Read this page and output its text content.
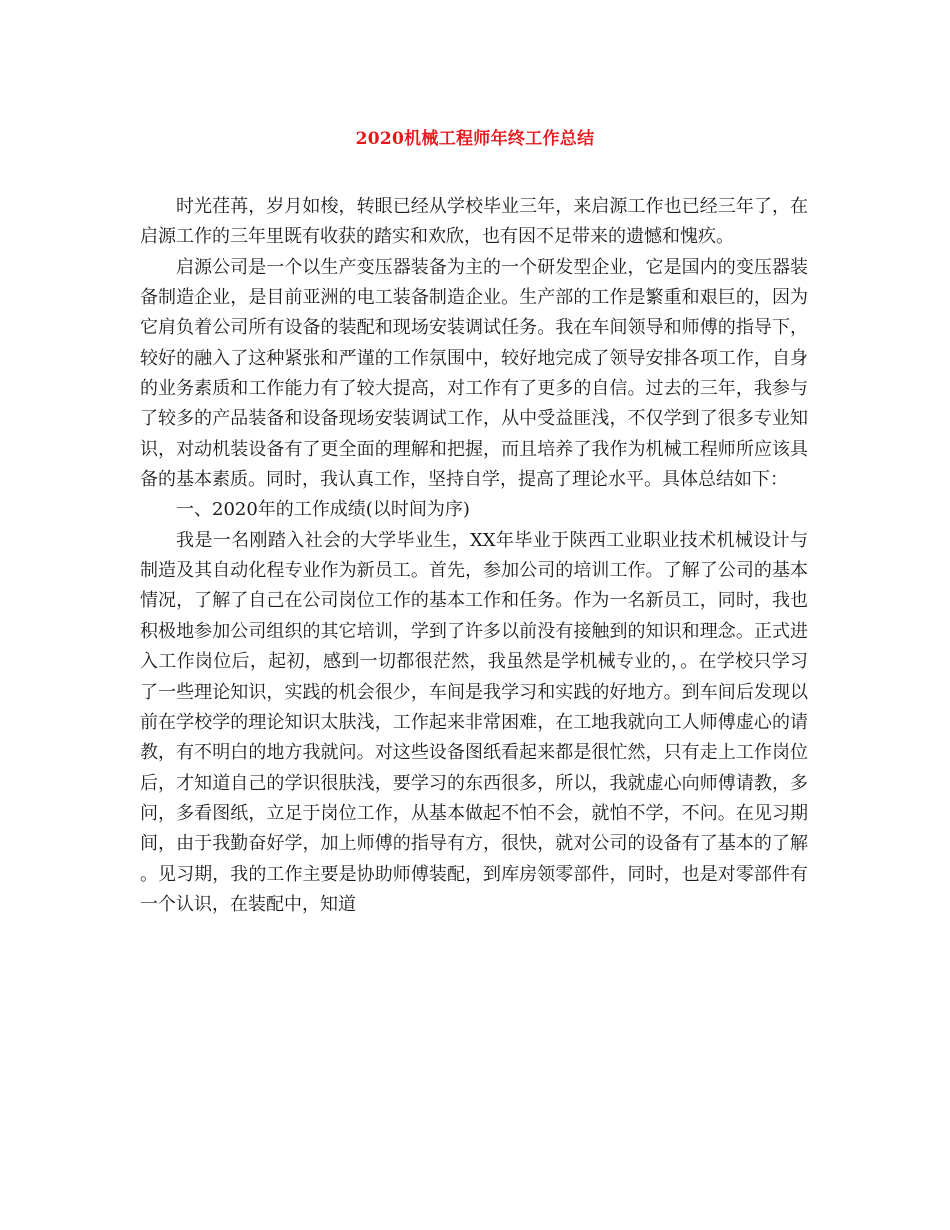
2020机械工程师年终工作总结

时光荏苒，岁月如梭，转眼已经从学校毕业三年，来启源工作也已经三年了，在启源工作的三年里既有收获的踏实和欢欣，也有因不足带来的遗憾和愧疚。

启源公司是一个以生产变压器装备为主的一个研发型企业，它是国内的变压器装备制造企业，是目前亚洲的电工装备制造企业。生产部的工作是繁重和艰巨的，因为它肩负着公司所有设备的装配和现场安装调试任务。我在车间领导和师傅的指导下，较好的融入了这种紧张和严谨的工作氛围中，较好地完成了领导安排各项工作，自身的业务素质和工作能力有了较大提高，对工作有了更多的自信。过去的三年，我参与了较多的产品装备和设备现场安装调试工作，从中受益匪浅，不仅学到了很多专业知识，对动机装设备有了更全面的理解和把握，而且培养了我作为机械工程师所应该具备的基本素质。同时，我认真工作，坚持自学，提高了理论水平。具体总结如下：

一、2020年的工作成绩(以时间为序)

我是一名刚踏入社会的大学毕业生，XX年毕业于陕西工业职业技术机械设计与制造及其自动化程专业作为新员工。首先，参加公司的培训工作。了解了公司的基本情况，了解了自己在公司岗位工作的基本工作和任务。作为一名新员工，同时，我也积极地参加公司组织的其它培训，学到了许多以前没有接触到的知识和理念。正式进入工作岗位后，起初，感到一切都很茫然，我虽然是学机械专业的，。在学校只学习了一些理论知识，实践的机会很少，车间是我学习和实践的好地方。到车间后发现以前在学校学的理论知识太肤浅，工作起来非常困难，在工地我就向工人师傅虚心的请教，有不明白的地方我就问。对这些设备图纸看起来都是很忙然，只有走上工作岗位后，才知道自己的学识很肤浅，要学习的东西很多，所以，我就虚心向师傅请教，多问，多看图纸，立足于岗位工作，从基本做起不怕不会，就怕不学，不问。在见习期间，由于我勤奋好学，加上师傅的指导有方，很快，就对公司的设备有了基本的了解。见习期，我的工作主要是协助师傅装配，到库房领零部件，同时，也是对零部件有一个认识，在装配中，知道
